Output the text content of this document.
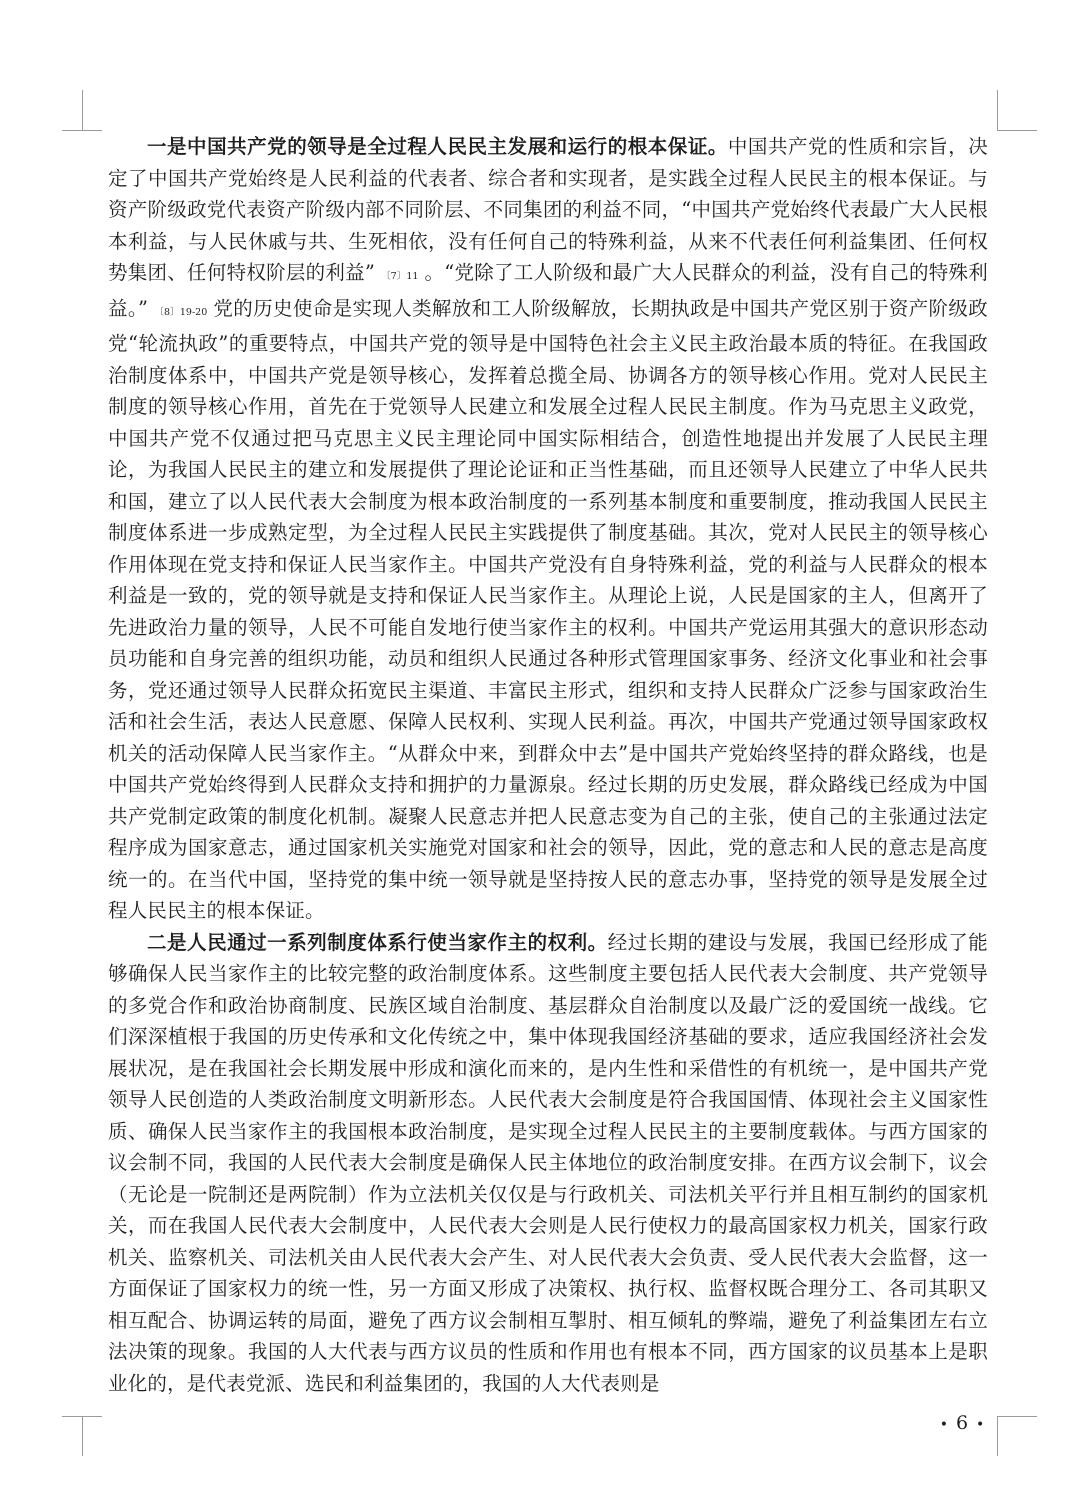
一是中国共产党的领导是全过程人民民主发展和运行的根本保证。中国共产党的性质和宗旨，决定了中国共产党始终是人民利益的代表者、综合者和实现者，是实践全过程人民民主的根本保证。与资产阶级政党代表资产阶级内部不同阶层、不同集团的利益不同，“中国共产党始终代表最广大人民根本利益，与人民休戚与共、生死相依，没有任何自己的特殊利益，从来不代表任何利益集团、任何权势集团、任何特权阶层的利益” 〔7〕11 。“党除了工人阶级和最广大人民群众的利益，没有自己的特殊利益。” 〔8〕19-20 党的历史使命是实现人类解放和工人阶级解放，长期执政是中国共产党区别于资产阶级政党“轮流执政”的重要特点，中国共产党的领导是中国特色社会主义民主政治最本质的特征。在我国政治制度体系中，中国共产党是领导核心，发挥着总揽全局、协调各方的领导核心作用。党对人民民主制度的领导核心作用，首先在于党领导人民建立和发展全过程人民民主制度。作为马克思主义政党，中国共产党不仅通过把马克思主义民主理论同中国实际相结合，创造性地提出并发展了人民民主理论，为我国人民民主的建立和发展提供了理论论证和正当性基础，而且还领导人民建立了中华人民共和国，建立了以人民代表大会制度为根本政治制度的一系列基本制度和重要制度，推动我国人民民主制度体系进一步成熟定型，为全过程人民民主实践提供了制度基础。其次，党对人民民主的领导核心作用体现在党支持和保证人民当家作主。中国共产党没有自身特殊利益，党的利益与人民群众的根本利益是一致的，党的领导就是支持和保证人民当家作主。从理论上说，人民是国家的主人，但离开了先进政治力量的领导，人民不可能自发地行使当家作主的权利。中国共产党运用其强大的意识形态动员功能和自身完善的组织功能，动员和组织人民通过各种形式管理国家事务、经济文化事业和社会事务，党还通过领导人民群众拓宽民主渠道、丰富民主形式，组织和支持人民群众广泛参与国家政治生活和社会生活，表达人民意愿、保障人民权利、实现人民利益。再次，中国共产党通过领导国家政权机关的活动保障人民当家作主。“从群众中来，到群众中去”是中国共产党始终坚持的群众路线，也是中国共产党始终得到人民群众支持和拥护的力量源泉。经过长期的历史发展，群众路线已经成为中国共产党制定政策的制度化机制。凝聚人民意志并把人民意志变为自己的主张，使自己的主张通过法定程序成为国家意志，通过国家机关实施党对国家和社会的领导，因此，党的意志和人民的意志是高度统一的。在当代中国，坚持党的集中统一领导就是坚持按人民的意志办事，坚持党的领导是发展全过程人民民主的根本保证。

二是人民通过一系列制度体系行使当家作主的权利。经过长期的建设与发展，我国已经形成了能够确保人民当家作主的比较完整的政治制度体系。这些制度主要包括人民代表大会制度、共产党领导的多党合作和政治协商制度、民族区域自治制度、基层群众自治制度以及最广泛的爱国统一战线。它们深深植根于我国的历史传承和文化传统之中，集中体现我国经济基础的要求，适应我国经济社会发展状况，是在我国社会长期发展中形成和演化而来的，是内生性和采借性的有机统一，是中国共产党领导人民创造的人类政治制度文明新形态。人民代表大会制度是符合我国国情、体现社会主义国家性质、确保人民当家作主的我国根本政治制度，是实现全过程人民民主的主要制度载体。与西方国家的议会制不同，我国的人民代表大会制度是确保人民主体地位的政治制度安排。在西方议会制下，议会（无论是一院制还是两院制）作为立法机关仅仅是与行政机关、司法机关平行并且相互制约的国家机关，而在我国人民代表大会制度中，人民代表大会则是人民行使权力的最高国家权力机关，国家行政机关、监察机关、司法机关由人民代表大会产生、对人民代表大会负责、受人民代表大会监督，这一方面保证了国家权力的统一性，另一方面又形成了决策权、执行权、监督权既合理分工、各司其职又相互配合、协调运转的局面，避免了西方议会制相互掣肘、相互倾轧的弊端，避免了利益集团左右立法决策的现象。我国的人大代表与西方议员的性质和作用也有根本不同，西方国家的议员基本上是职业化的，是代表党派、选民和利益集团的，我国的人大代表则是

• 6 •
